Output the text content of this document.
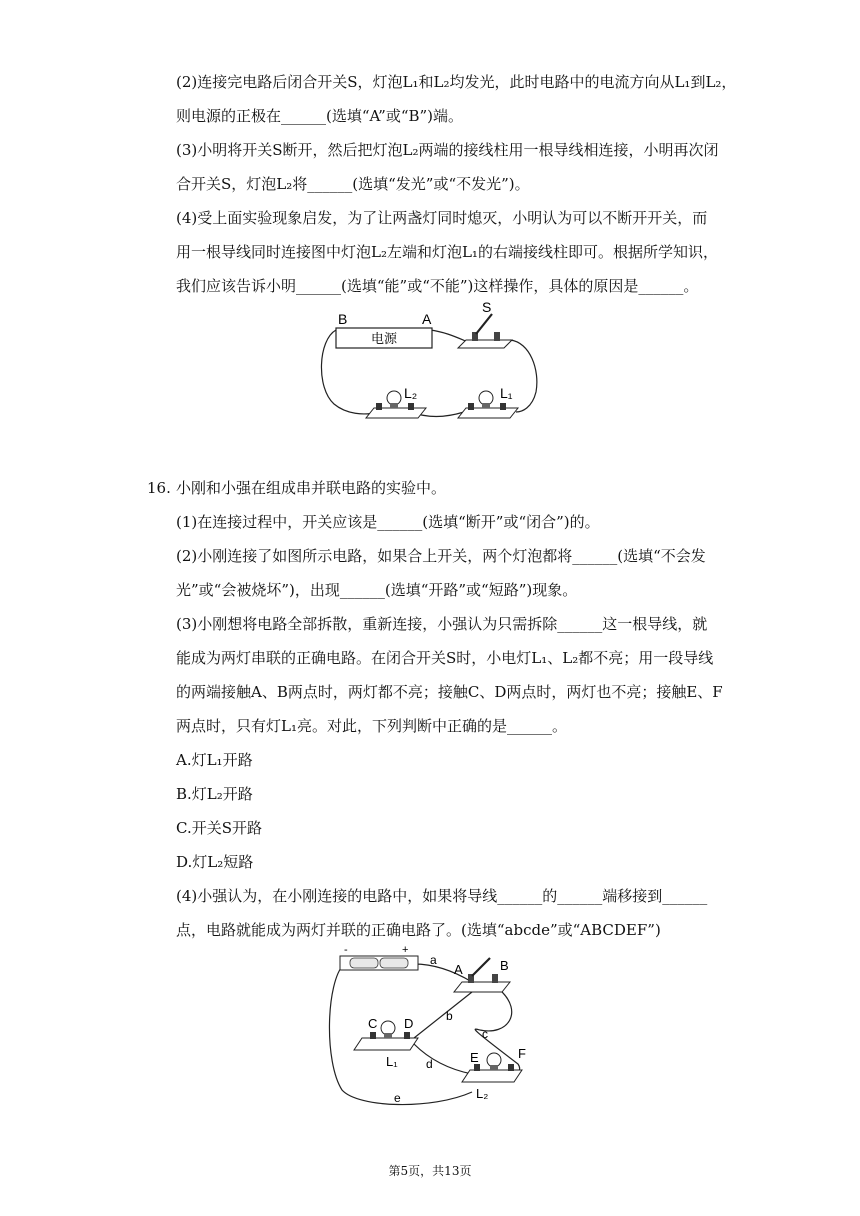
(2)连接完电路后闭合开关S，灯泡L₁和L₂均发光，此时电路中的电流方向从L₁到L₂，
则电源的正极在______(选填“A”或“B”)端。
(3)小明将开关S断开，然后把灯泡L₂两端的接线柱用一根导线相连接，小明再次闭
合开关S，灯泡L₂将______(选填“发光”或“不发光”)。
(4)受上面实验现象启发，为了让两盏灯同时熄灭，小明认为可以不断开开关，而
用一根导线同时连接图中灯泡L₂左端和灯泡L₁的右端接线柱即可。根据所学知识，
我们应该告诉小明______(选填“能”或“不能”)这样操作，具体的原因是______。
电源
B	A
S
L₂	L₁
16. 小刚和小强在组成串并联电路的实验中。
(1)在连接过程中，开关应该是______(选填“断开”或“闭合”)的。
(2)小刚连接了如图所示电路，如果合上开关，两个灯泡都将______(选填“不会发
光”或“会被烧坏”)，出现______(选填“开路”或“短路”)现象。
(3)小刚想将电路全部拆散，重新连接，小强认为只需拆除______这一根导线，就
能成为两灯串联的正确电路。在闭合开关S时，小电灯L₁、L₂都不亮；用一段导线
的两端接触A、B两点时，两灯都不亮；接触C、D两点时，两灯也不亮；接触E、F
两点时，只有灯L₁亮。对此，下列判断中正确的是______。
A.灯L₁开路
B.灯L₂开路
C.开关S开路
D.灯L₂短路
(4)小强认为，在小刚连接的电路中，如果将导线______的______端移接到______
点，电路就能成为两灯并联的正确电路了。(选填“abcde”或“ABCDEF”)
-	+
a
A	B
b
c
C D
L₁ d	E	F
L₂
e
第5页，共13页
